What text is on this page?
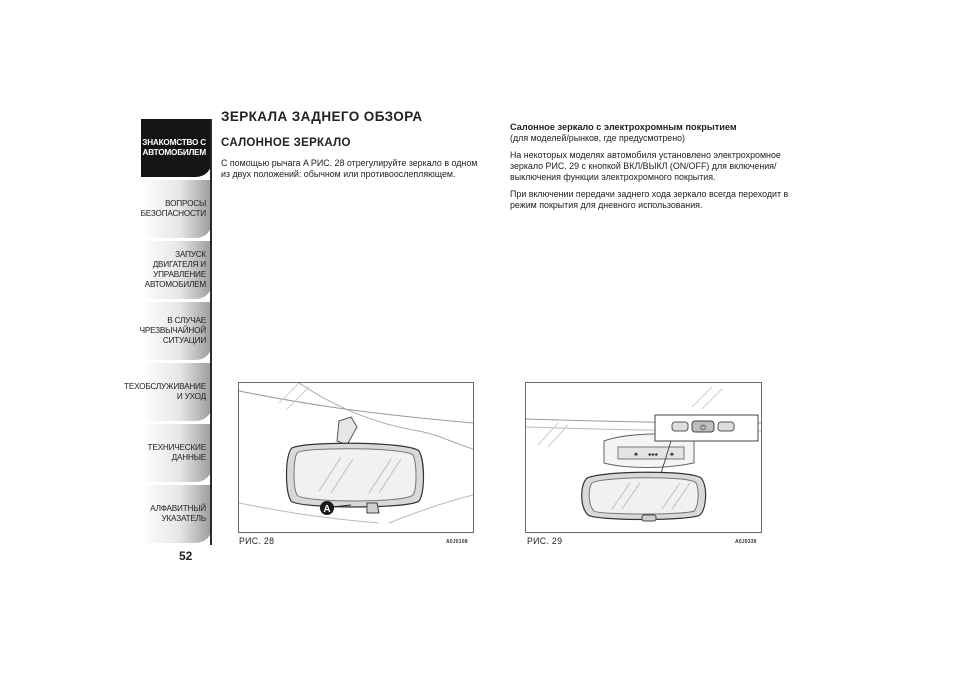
ЗНАКОМСТВО С
АВТОМОБИЛЕМ
ВОПРОСЫ
БЕЗОПАСНОСТИ
ЗАПУСК ДВИГАТЕЛЯ И
УПРАВЛЕНИЕ
АВТОМОБИЛЕМ
В СЛУЧАЕ
ЧРЕЗВЫЧАЙНОЙ
СИТУАЦИИ
ТЕХОБСЛУЖИВАНИЕ
И УХОД
ТЕХНИЧЕСКИЕ
ДАННЫЕ
АЛФАВИТНЫЙ
УКАЗАТЕЛЬ
52
ЗЕРКАЛА ЗАДНЕГО ОБЗОРА
САЛОННОЕ ЗЕРКАЛО
С помощью рычага A РИС. 28 отрегулируйте зеркало в одном из двух положений: обычном или противоослепляющем.
Салонное зеркало с электрохромным покрытием

(для моделей/рынков, где предусмотрено)

На некоторых моделях автомобиля установлено электрохромное зеркало РИС. 29 с кнопкой ВКЛ/ВЫКЛ (ON/OFF) для включения/выключения функции электрохромного покрытия.

При включении передачи заднего хода зеркало всегда переходит в режим покрытия для дневного использования.

A
РИС. 28	A0J0108
♣ ♣♣♣ ♣
⏻
РИС. 29	A0J0336
